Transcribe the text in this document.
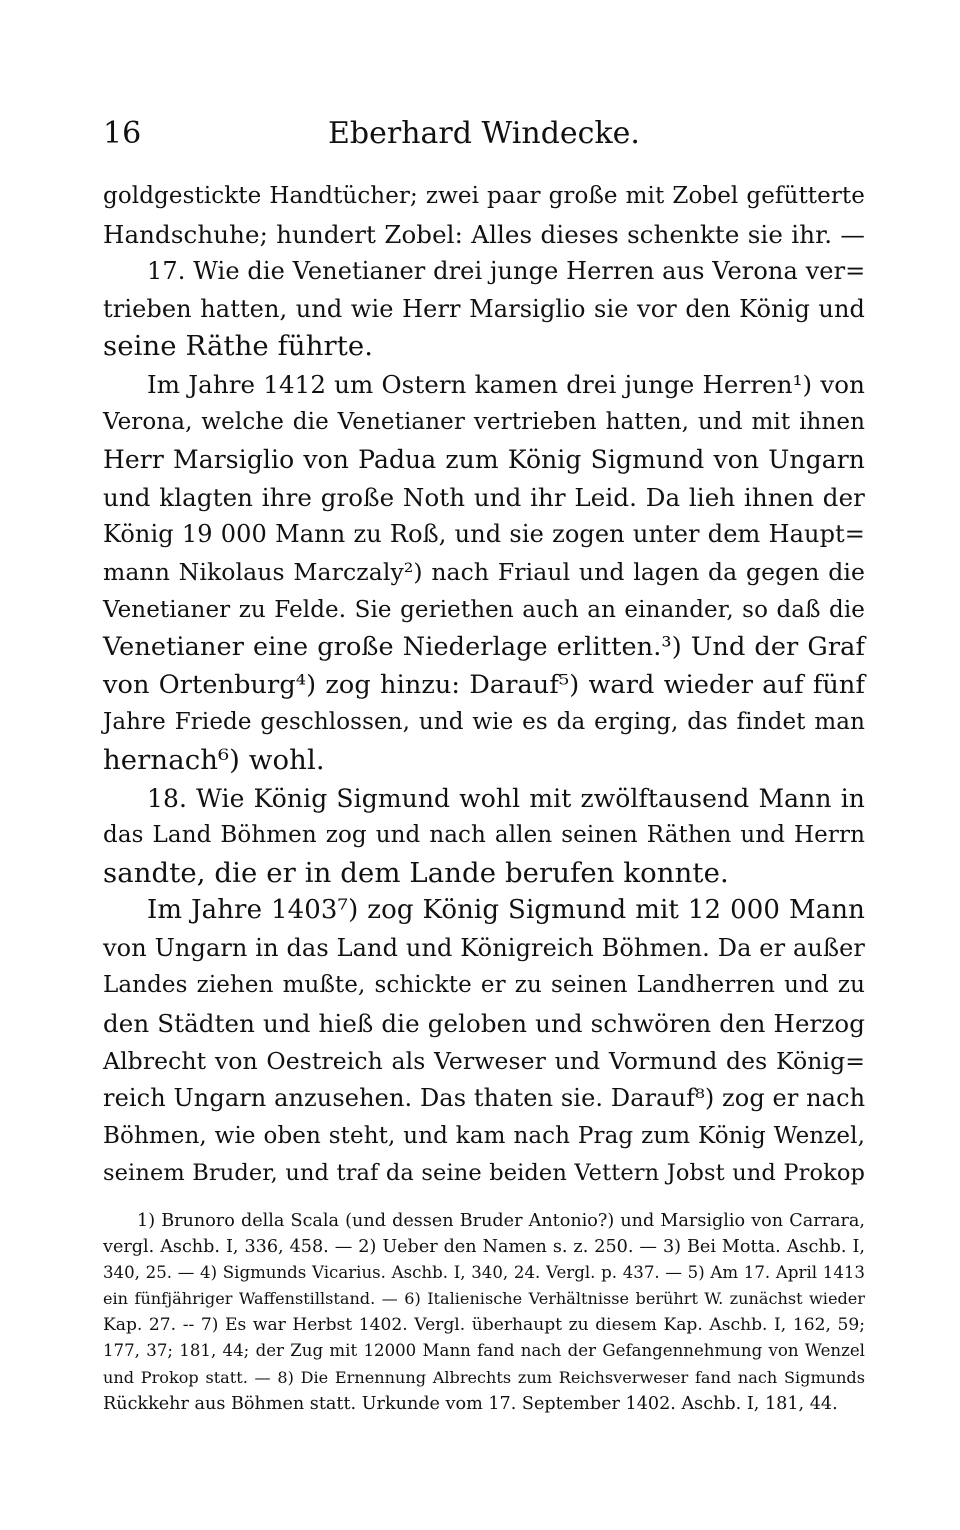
16	Eberhard Windecke.
goldgestickte Handtücher; zwei paar große mit Zobel gefütterte
Handschuhe; hundert Zobel: Alles dieses schenkte sie ihr. —
17. Wie die Venetianer drei junge Herren aus Verona ver=
trieben hatten, und wie Herr Marsiglio sie vor den König und
seine Räthe führte.
Im Jahre 1412 um Ostern kamen drei junge Herren¹) von
Verona, welche die Venetianer vertrieben hatten, und mit ihnen
Herr Marsiglio von Padua zum König Sigmund von Ungarn
und klagten ihre große Noth und ihr Leid. Da lieh ihnen der
König 19 000 Mann zu Roß, und sie zogen unter dem Haupt=
mann Nikolaus Marczaly²) nach Friaul und lagen da gegen die
Venetianer zu Felde. Sie geriethen auch an einander, so daß die
Venetianer eine große Niederlage erlitten.³) Und der Graf
von Ortenburg⁴) zog hinzu: Darauf⁵) ward wieder auf fünf
Jahre Friede geschlossen, und wie es da erging, das findet man
hernach⁶) wohl.
18. Wie König Sigmund wohl mit zwölftausend Mann in
das Land Böhmen zog und nach allen seinen Räthen und Herrn
sandte, die er in dem Lande berufen konnte.
Im Jahre 1403⁷) zog König Sigmund mit 12 000 Mann
von Ungarn in das Land und Königreich Böhmen. Da er außer
Landes ziehen mußte, schickte er zu seinen Landherren und zu
den Städten und hieß die geloben und schwören den Herzog
Albrecht von Oestreich als Verweser und Vormund des König=
reich Ungarn anzusehen. Das thaten sie. Darauf⁸) zog er nach
Böhmen, wie oben steht, und kam nach Prag zum König Wenzel,
seinem Bruder, und traf da seine beiden Vettern Jobst und Prokop
1) Brunoro della Scala (und dessen Bruder Antonio?) und Marsiglio von Carrara,
vergl. Aschb. I, 336, 458. — 2) Ueber den Namen s. z. 250. — 3) Bei Motta. Aschb. I,
340, 25. — 4) Sigmunds Vicarius. Aschb. I, 340, 24. Vergl. p. 437. — 5) Am 17. April 1413
ein fünfjähriger Waffenstillstand. — 6) Italienische Verhältnisse berührt W. zunächst wieder
Kap. 27. -- 7) Es war Herbst 1402. Vergl. überhaupt zu diesem Kap. Aschb. I, 162, 59;
177, 37; 181, 44; der Zug mit 12000 Mann fand nach der Gefangennehmung von Wenzel
und Prokop statt. — 8) Die Ernennung Albrechts zum Reichsverweser fand nach Sigmunds
Rückkehr aus Böhmen statt. Urkunde vom 17. September 1402. Aschb. I, 181, 44.
